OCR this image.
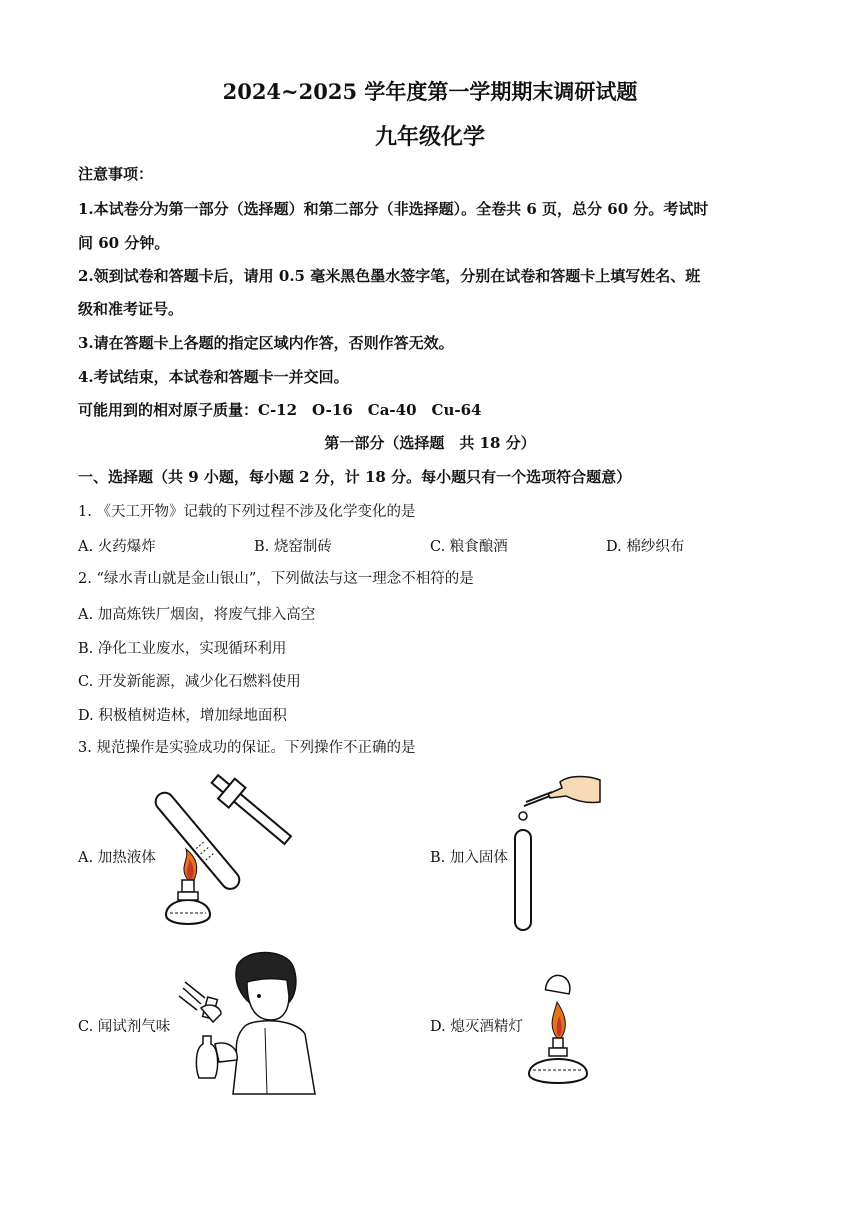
2024~2025 学年度第一学期期末调研试题
九年级化学
注意事项：
1.本试卷分为第一部分（选择题）和第二部分（非选择题）。全卷共 6 页，总分 60 分。考试时
间 60 分钟。
2.领到试卷和答题卡后，请用 0.5 毫米黑色墨水签字笔，分别在试卷和答题卡上填写姓名、班
级和准考证号。
3.请在答题卡上各题的指定区域内作答，否则作答无效。
4.考试结束，本试卷和答题卡一并交回。
可能用到的相对原子质量：C-12　O-16　Ca-40　Cu-64
第一部分（选择题　共 18 分）
一、选择题（共 9 小题，每小题 2 分，计 18 分。每小题只有一个选项符合题意）
1. 《天工开物》记载的下列过程不涉及化学变化的是
A. 火药爆炸	B. 烧窑制砖	C. 粮食酿酒	D. 棉纱织布
2. “绿水青山就是金山银山”，下列做法与这一理念不相符的是
A. 加高炼铁厂烟囱，将废气排入高空
B. 净化工业废水，实现循环利用
C. 开发新能源，减少化石燃料使用
D. 积极植树造林，增加绿地面积
3. 规范操作是实验成功的保证。下列操作不正确的是
A. 加热液体	B. 加入固体
C. 闻试剂气味	D. 熄灭酒精灯
